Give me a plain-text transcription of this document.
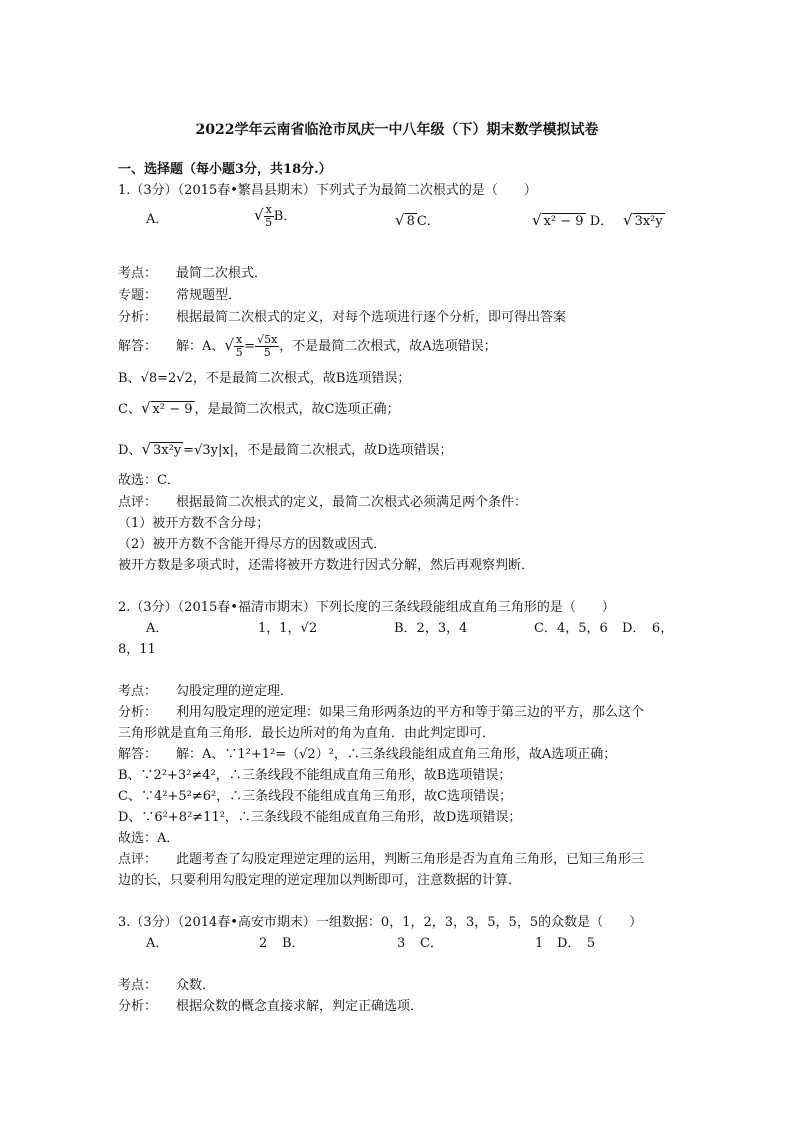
2022学年云南省临沧市凤庆一中八年级（下）期末数学模拟试卷
一、选择题（每小题3分，共18分.）
1.（3分）（2015春•繁昌县期末）下列式子为最简二次根式的是（　　）
A．	√ $\frac{x}{5}$ B．	√ 8 C．	√ x² − 9 D． √ 3x²y
考点： 最简二次根式．
专题： 常规题型．
分析： 根据最简二次根式的定义，对每个选项进行逐个分析，即可得出答案
解答： 解：A、√ $\frac{x}{5} = \frac{√5x}{5}$ ，不是最简二次根式，故A选项错误；
B、√8=2√2，不是最简二次根式，故B选项错误；
C、√ x² − 9 ，是最简二次根式，故C选项正确；
D、√ 3x²y =√3y|x|，不是最简二次根式，故D选项错误；
故选：C．
点评： 根据最简二次根式的定义，最简二次根式必须满足两个条件：
（1）被开方数不含分母；
（2）被开方数不含能开得尽方的因数或因式．
被开方数是多项式时，还需将被开方数进行因式分解，然后再观察判断．
2.（3分）（2015春•福清市期末）下列长度的三条线段能组成直角三角形的是（　　）
A．	1，1，√2	B．2，3，4	C．4，5，6 D．　6，
8，11
考点： 勾股定理的逆定理．
分析： 利用勾股定理的逆定理：如果三角形两条边的平方和等于第三边的平方，那么这个
三角形就是直角三角形．最长边所对的角为直角．由此判定即可．
解答： 解：A、∵1²+1²=（√2）²，∴三条线段能组成直角三角形，故A选项正确；
B、∵2²+3²≠4²，∴三条线段不能组成直角三角形，故B选项错误；
C、∵4²+5²≠6²，∴三条线段不能组成直角三角形，故C选项错误；
D、∵6²+8²≠11²，∴三条线段不能组成直角三角形，故D选项错误；
故选：A．
点评： 此题考查了勾股定理逆定理的运用，判断三角形是否为直角三角形，已知三角形三
边的长，只要利用勾股定理的逆定理加以判断即可，注意数据的计算．
3.（3分）（2014春•高安市期末）一组数据：0，1，2，3，3，5，5，5的众数是（　　）
A．	2 B．	3 C．	1 D．　5
考点： 众数．
分析： 根据众数的概念直接求解，判定正确选项．
